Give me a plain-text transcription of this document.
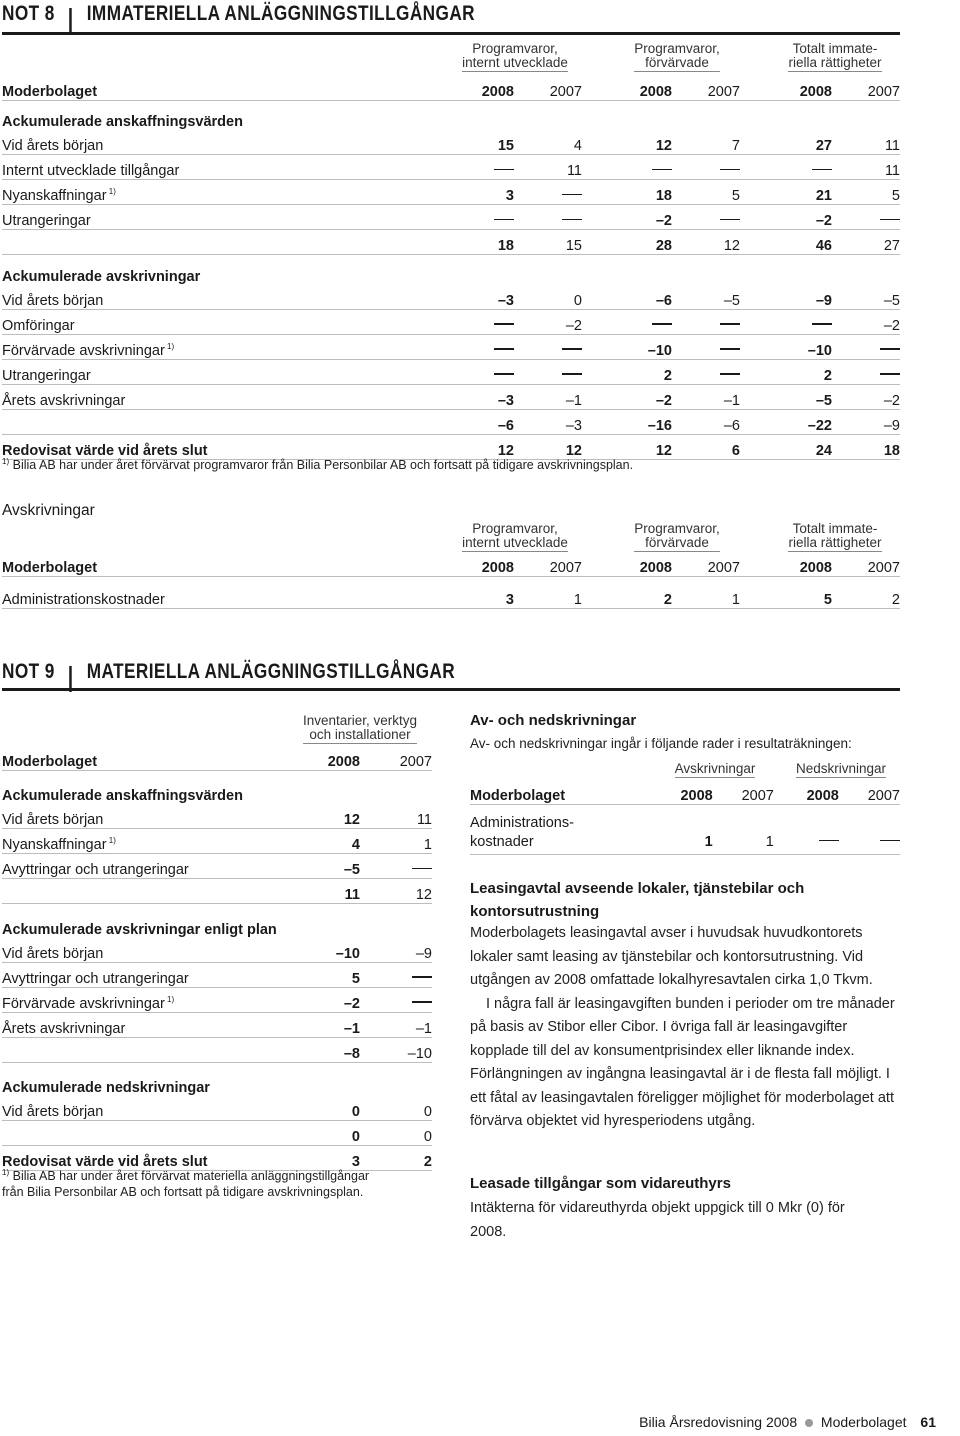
NOT 8 IMMATERIELLA ANLÄGGNINGSTILLGÅNGAR
Programvaror,
internt utvecklade
Programvaror,
förvärvade
Totalt immate-
riella rättigheter
Moderbolaget	2008	2007	2008	2007	2008	2007
Ackumulerade anskaffningsvärden						
Vid årets början	15	4	12	7	27	11
Internt utvecklade tillgångar		11				11
Nyanskaffningar $^{1)}$	3		18	5	21	5
Utrangeringar			–2		–2	
	18	15	28	12	46	27
Ackumulerade avskrivningar						
Vid årets början	–3	0	–6	–5	–9	–5
Omföringar		–2				–2
Förvärvade avskrivningar $^{1)}$			–10		–10	
Utrangeringar			2		2	
Årets avskrivningar	–3	–1	–2	–1	–5	–2
	–6	–3	–16	–6	–22	–9
Redovisat värde vid årets slut	12	12	12	6	24	18
$^{1)}$ Bilia AB har under året förvärvat programvaror från Bilia Personbilar AB och fortsatt på tidigare avskrivningsplan.
Avskrivningar
Programvaror,
internt utvecklade
Programvaror,
förvärvade
Totalt immate-
riella rättigheter
Moderbolaget	2008	2007	2008	2007	2008	2007
Administrationskostnader	3	1	2	1	5	2
NOT 9 MATERIELLA ANLÄGGNINGSTILLGÅNGAR
Inventarier, verktyg
och installationer
Moderbolaget	2008	2007
Ackumulerade anskaffningsvärden		
Vid årets början	12	11
Nyanskaffningar $^{1)}$	4	1
Avyttringar och utrangeringar	–5	
	11	12
Ackumulerade avskrivningar enligt plan		
Vid årets början	–10	–9
Avyttringar och utrangeringar	5	
Förvärvade avskrivningar $^{1)}$	–2	
Årets avskrivningar	–1	–1
	–8	–10
Ackumulerade nedskrivningar		
Vid årets början	0	0
	0	0
Redovisat värde vid årets slut	3	2
$^{1)}$ Bilia AB har under året förvärvat materiella anläggningstillgångar
från Bilia Personbilar AB och fortsatt på tidigare avskrivningsplan.
Av- och nedskrivningar
Av- och nedskrivningar ingår i följande rader i resultaträkningen:
Avskrivningar	Nedskrivningar
Moderbolaget	2008	2007	2008	2007
Administrations-
kostnader	1	1		
Leasingavtal avseende lokaler, tjänstebilar och kontorsutrustning

Moderbolagets leasingavtal avser i huvudsak huvudkontorets lokaler samt leasing av tjänstebilar och kontorsutrustning. Vid utgången av 2008 omfattade lokalhyresavtalen cirka 1,0 Tkvm.

I några fall är leasingavgiften bunden i perioder om tre månader på basis av Stibor eller Cibor. I övriga fall är leasingavgifter kopplade till del av konsumentprisindex eller liknande index. Förlängningen av ingångna leasingavtal är i de flesta fall möjligt. I ett fåtal av leasingavtalen föreligger möjlighet för moderbolaget att förvärva objektet vid hyresperiodens utgång.

Leasade tillgångar som vidareuthyrs
Intäkterna för vidareuthyrda objekt uppgick till 0 Mkr (0) för 2008.
Bilia Årsredovisning 2008 Moderbolaget 61
